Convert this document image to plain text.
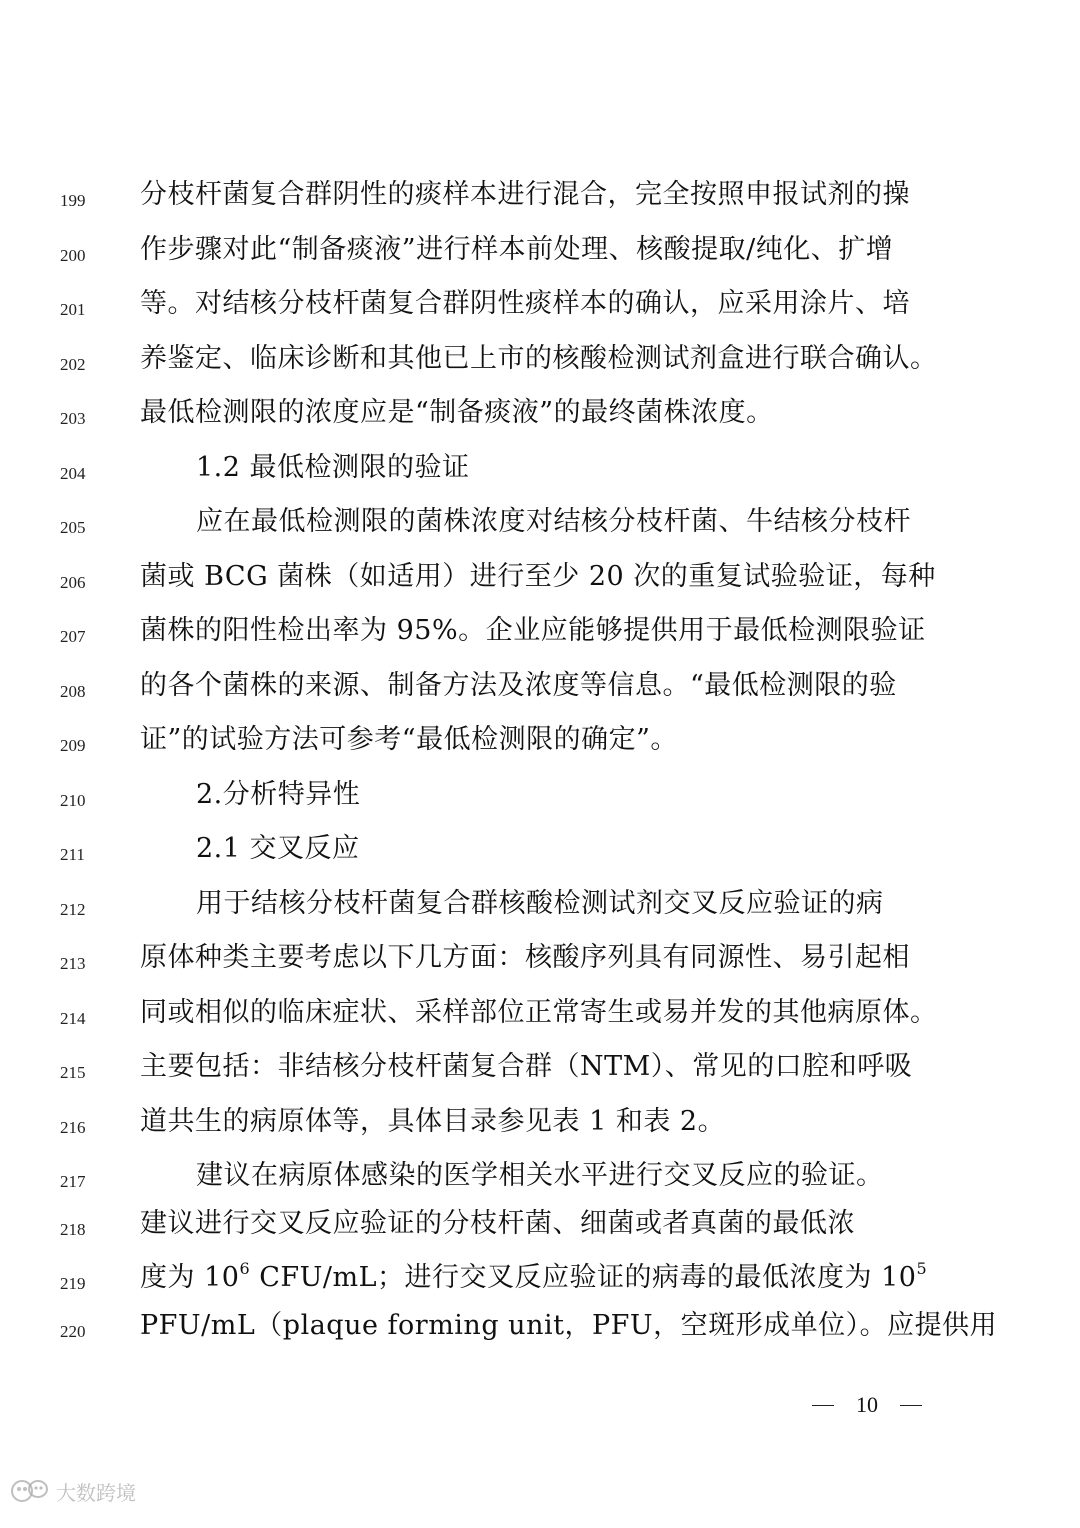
199	分枝杆菌复合群阴性的痰样本进行混合，完全按照申报试剂的操
200	作步骤对此“制备痰液”进行样本前处理、核酸提取/纯化、扩增
201	等。对结核分枝杆菌复合群阴性痰样本的确认，应采用涂片、培
202	养鉴定、临床诊断和其他已上市的核酸检测试剂盒进行联合确认。
203	最低检测限的浓度应是“制备痰液”的最终菌株浓度。
204	1.2 最低检测限的验证
205	应在最低检测限的菌株浓度对结核分枝杆菌、牛结核分枝杆
206	菌或 BCG 菌株（如适用）进行至少 20 次的重复试验验证，每种
207	菌株的阳性检出率为 95%。企业应能够提供用于最低检测限验证
208	的各个菌株的来源、制备方法及浓度等信息。“最低检测限的验
209	证”的试验方法可参考“最低检测限的确定”。
210	2.分析特异性
211	2.1 交叉反应
212	用于结核分枝杆菌复合群核酸检测试剂交叉反应验证的病
213	原体种类主要考虑以下几方面：核酸序列具有同源性、易引起相
214	同或相似的临床症状、采样部位正常寄生或易并发的其他病原体。
215	主要包括：非结核分枝杆菌复合群（NTM）、常见的口腔和呼吸
216	道共生的病原体等，具体目录参见表 1 和表 2。
217	建议在病原体感染的医学相关水平进行交叉反应的验证。
218	建议进行交叉反应验证的分枝杆菌、细菌或者真菌的最低浓
219	度为 $10^6$ CFU/mL；进行交叉反应验证的病毒的最低浓度为 $10^5$
220	PFU/mL（plaque forming unit，PFU，空斑形成单位）。应提供用
10
大数跨境
